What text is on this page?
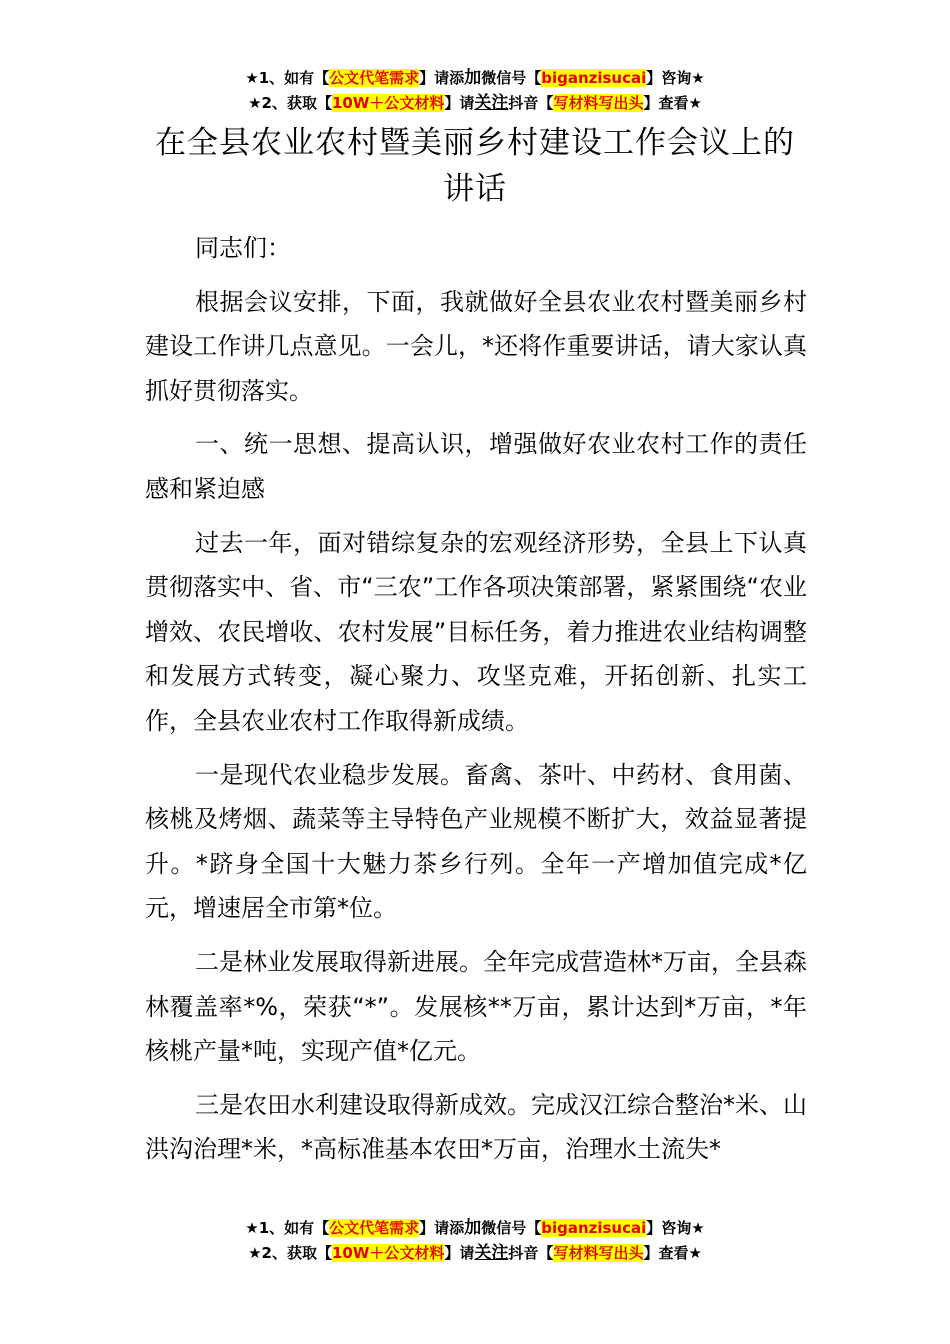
★1、如有【公文代笔需求】请添加微信号【biganzisucai】咨询★
★2、获取【10W＋公文材料】请关注抖音【写材料写出头】查看★
在全县农业农村暨美丽乡村建设工作会议上的讲话

同志们：

根据会议安排，下面，我就做好全县农业农村暨美丽乡村建设工作讲几点意见。一会儿，*还将作重要讲话，请大家认真抓好贯彻落实。

一、统一思想、提高认识，增强做好农业农村工作的责任感和紧迫感

过去一年，面对错综复杂的宏观经济形势，全县上下认真贯彻落实中、省、市“三农”工作各项决策部署，紧紧围绕“农业增效、农民增收、农村发展”目标任务，着力推进农业结构调整和发展方式转变，凝心聚力、攻坚克难，开拓创新、扎实工作，全县农业农村工作取得新成绩。

一是现代农业稳步发展。畜禽、茶叶、中药材、食用菌、核桃及烤烟、蔬菜等主导特色产业规模不断扩大，效益显著提升。*跻身全国十大魅力茶乡行列。全年一产增加值完成*亿元，增速居全市第*位。

二是林业发展取得新进展。全年完成营造林*万亩，全县森林覆盖率*%，荣获“*”。发展核**万亩，累计达到*万亩，*年核桃产量*吨，实现产值*亿元。

三是农田水利建设取得新成效。完成汉江综合整治*米、山洪沟治理*米，*高标准基本农田*万亩，治理水土流失*

★1、如有【公文代笔需求】请添加微信号【biganzisucai】咨询★
★2、获取【10W＋公文材料】请关注抖音【写材料写出头】查看★
